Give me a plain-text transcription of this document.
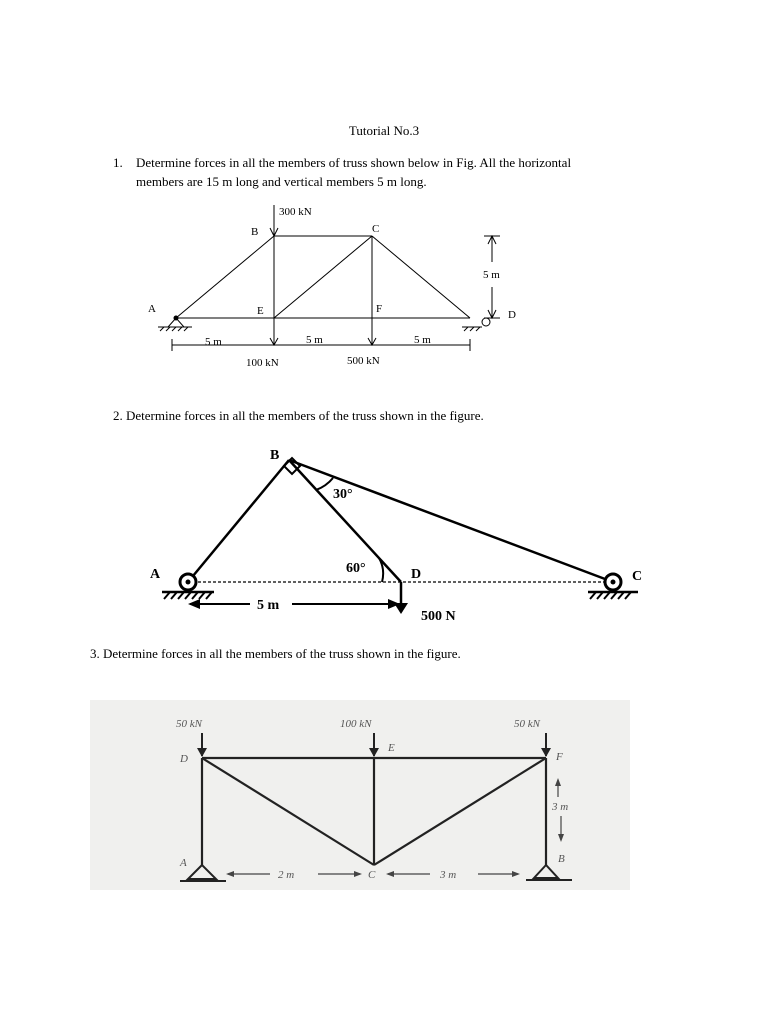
Tutorial No.3
1. Determine forces in all the members of truss shown below in Fig. All the horizontal
members are 15 m long and vertical members 5 m long.
A
B	C
D
E	F
300 kN
100 kN	500 kN
5 m	5 m	5 m
5 m
2. Determine forces in all the members of the truss shown in the figure.
B
A	D	C
30°
60°
5 m
500 N
3. Determine forces in all the members of the truss shown in the figure.
50 kN	100 kN	50 kN
D
E
F
A
C
B
2 m	3 m
3 m
